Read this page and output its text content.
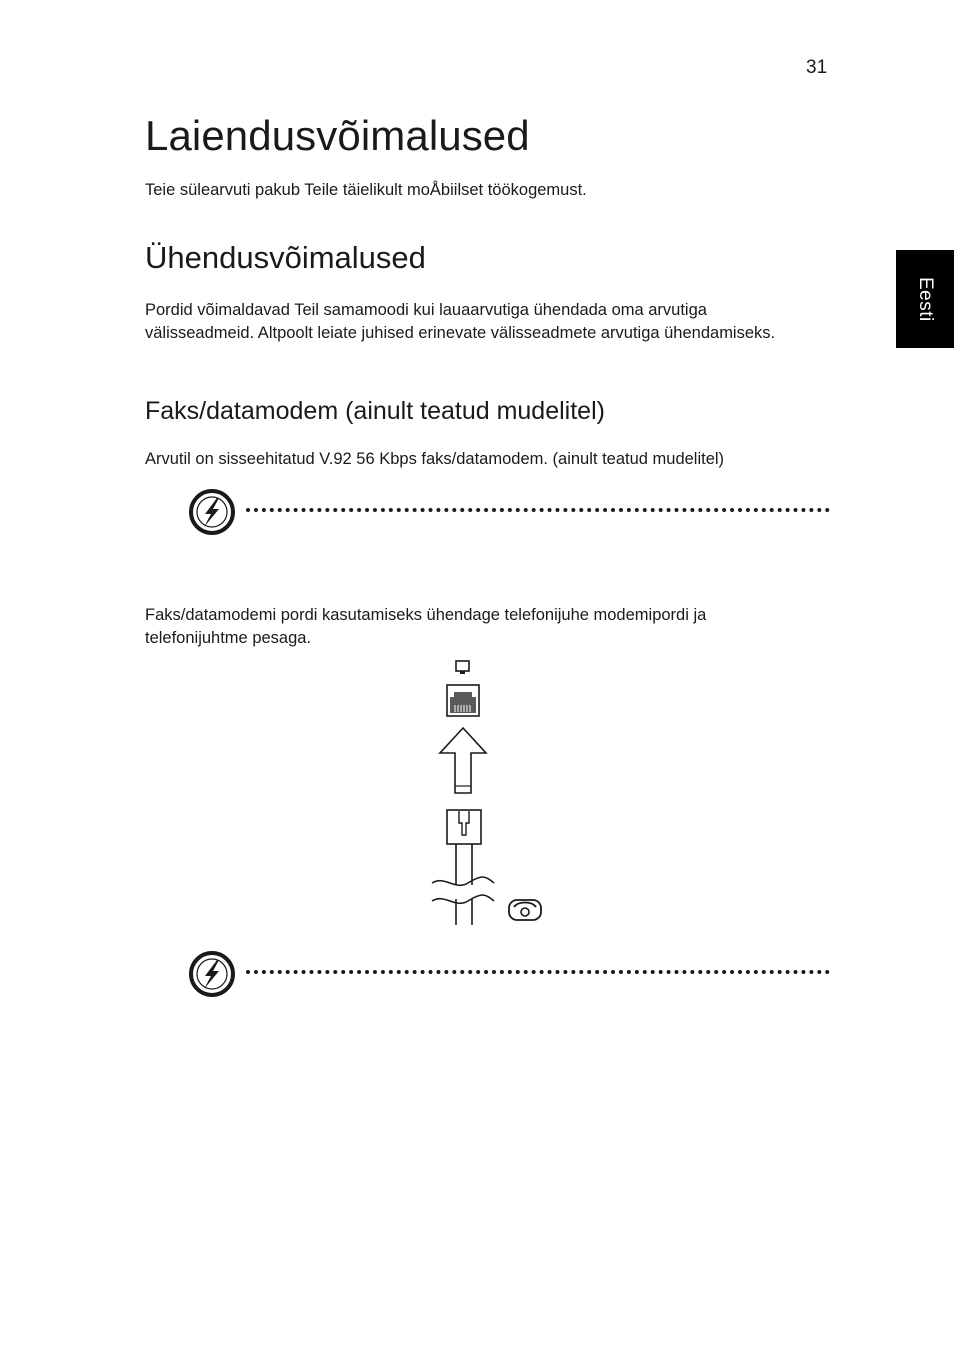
31
Eesti
Laiendusvõimalused
Teie sülearvuti pakub Teile täielikult moÅbiilset töökogemust.
Ühendusvõimalused
Pordid võimaldavad Teil samamoodi kui lauaarvutiga ühendada oma arvutiga välisseadmeid. Altpoolt leiate juhised erinevate välisseadmete arvutiga ühendamiseks.
Faks/datamodem (ainult teatud mudelitel)
Arvutil on sisseehitatud V.92 56 Kbps faks/datamodem. (ainult teatud mudelitel)
Faks/datamodemi pordi kasutamiseks ühendage telefonijuhe modemipordi ja telefonijuhtme pesaga.
